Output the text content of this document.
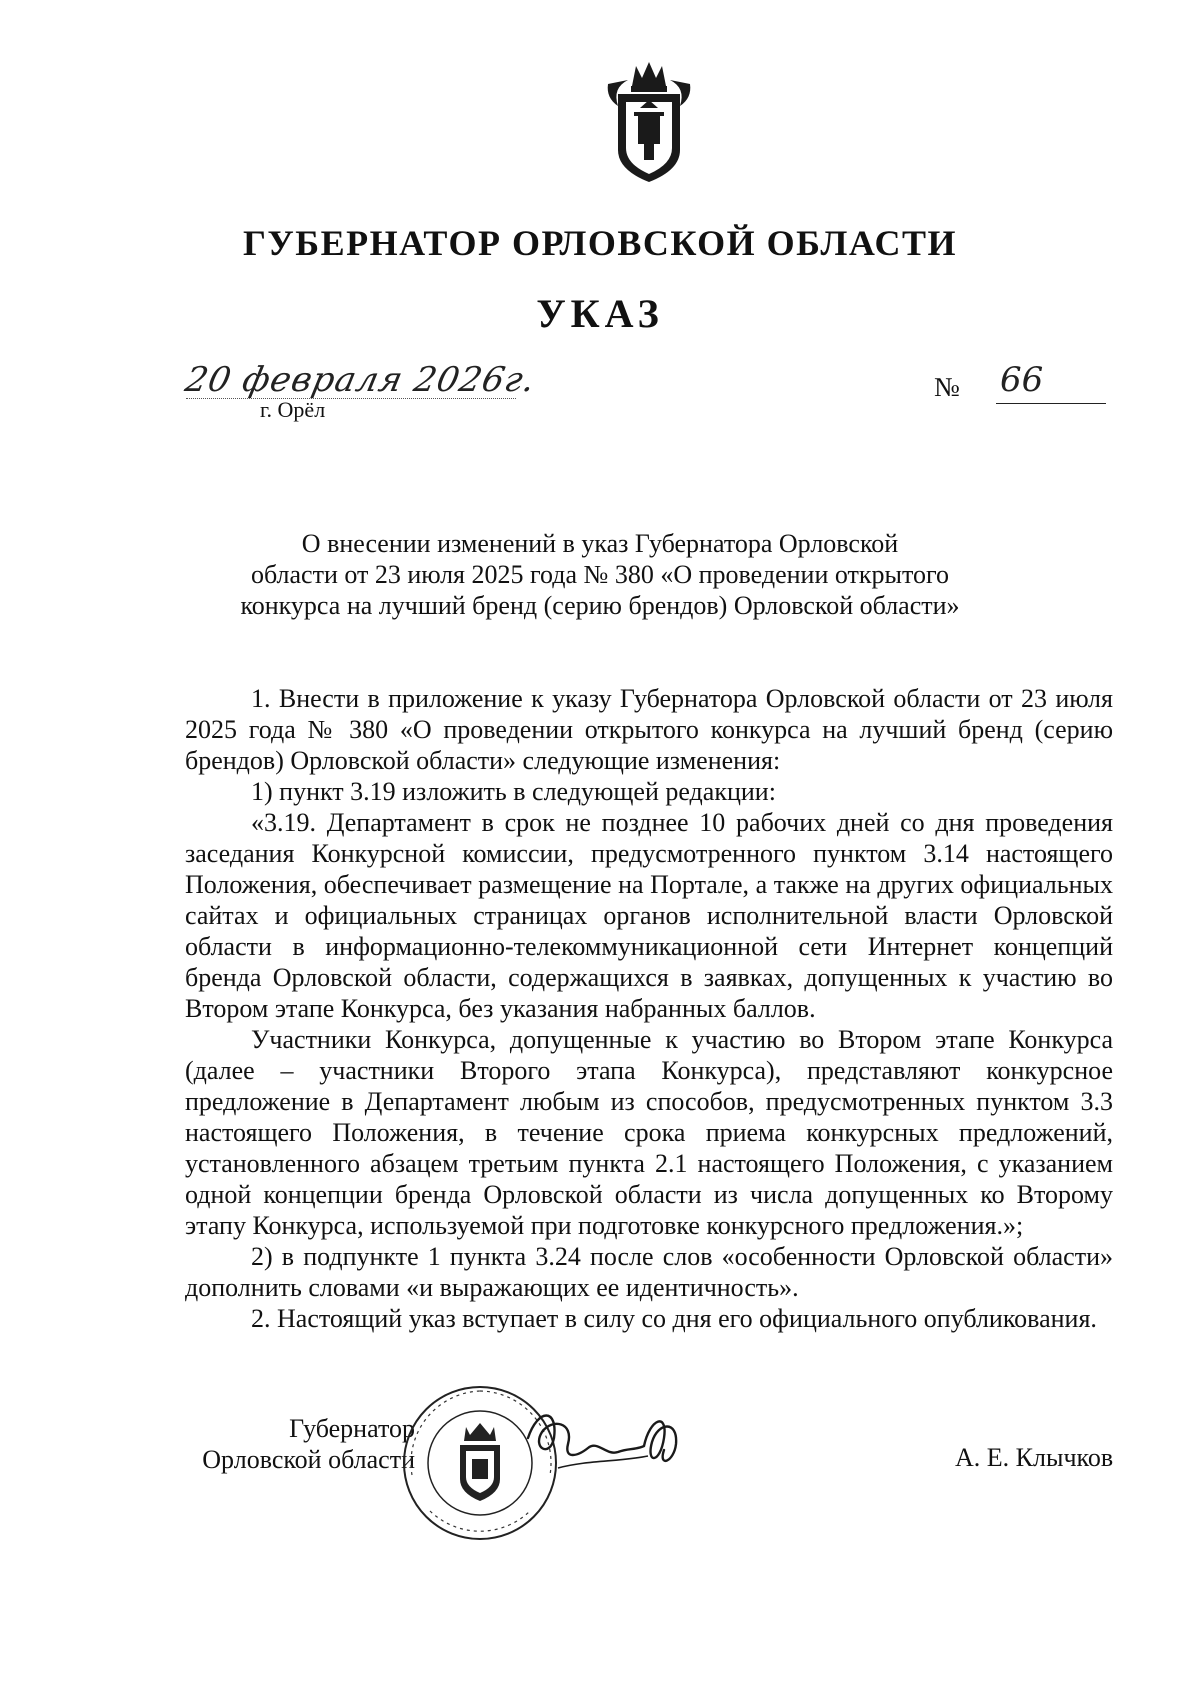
ГУБЕРНАТОР ОРЛОВСКОЙ ОБЛАСТИ
УКАЗ
20 февраля 2026г.
г. Орёл
№ 66
О внесении изменений в указ Губернатора Орловской
области от 23 июля 2025 года № 380 «О проведении открытого
конкурса на лучший бренд (серию брендов) Орловской области»

1. Внести в приложение к указу Губернатора Орловской области от 23 июля 2025 года № 380 «О проведении открытого конкурса на лучший бренд (серию брендов) Орловской области» следующие изменения:

1) пункт 3.19 изложить в следующей редакции:

«3.19. Департамент в срок не позднее 10 рабочих дней со дня проведения заседания Конкурсной комиссии, предусмотренного пунктом 3.14 настоящего Положения, обеспечивает размещение на Портале, а также на других официальных сайтах и официальных страницах органов исполнительной власти Орловской области в информационно-телекоммуникационной сети Интернет концепций бренда Орловской области, содержащихся в заявках, допущенных к участию во Втором этапе Конкурса, без указания набранных баллов.

Участники Конкурса, допущенные к участию во Втором этапе Конкурса (далее – участники Второго этапа Конкурса), представляют конкурсное предложение в Департамент любым из способов, предусмотренных пунктом 3.3 настоящего Положения, в течение срока приема конкурсных предложений, установленного абзацем третьим пункта 2.1 настоящего Положения, с указанием одной концепции бренда Орловской области из числа допущенных ко Второму этапу Конкурса, используемой при подготовке конкурсного предложения.»;

2) в подпункте 1 пункта 3.24 после слов «особенности Орловской области» дополнить словами «и выражающих ее идентичность».

2. Настоящий указ вступает в силу со дня его официального опубликования.

Губернатор
Орловской области	А. Е. Клычков
